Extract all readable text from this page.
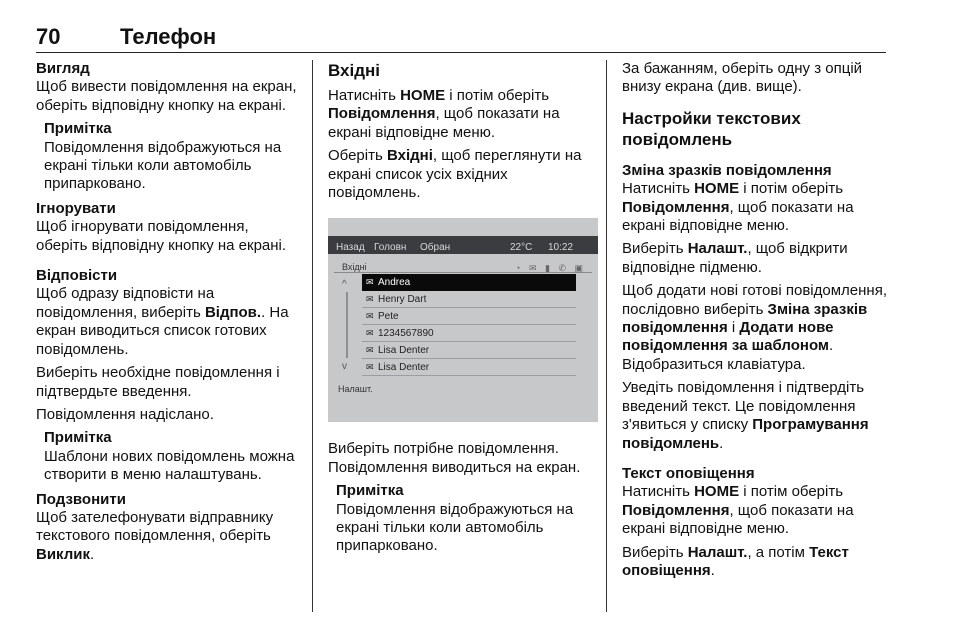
70	Телефон
Вигляд

Щоб вивести повідомлення на екран, оберіть відповідну кнопку на екрані.

Примітка
Повідомлення відображуються на екрані тільки коли автомобіль припарковано.
Ігнорувати

Щоб ігнорувати повідомлення, оберіть відповідну кнопку на екрані.

Відповісти

Щоб одразу відповісти на повідомлення, виберіть Відпов.. На екран виводиться список готових повідомлень.

Виберіть необхідне повідомлення і підтвердьте введення.

Повідомлення надіслано.

Примітка
Шаблони нових повідомлень можна створити в меню налаштувань.
Подзвонити

Щоб зателефонувати відправнику текстового повідомлення, оберіть Виклик.

Вхідні

Натисніть HOME і потім оберіть Повідомлення, щоб показати на екрані відповідне меню.

Оберіть Вхідні, щоб переглянути на екрані список усіх вхідних повідомлень.

Назад Головн Обран	22°C 10:22
Вхідні	◔ ✉ ▮ ✆ ▣
^
v
✉ Andrea
✉ Henry Dart
✉ Pete
✉ 1234567890
✉ Lisa Denter
✉ Lisa Denter
Налашт.

Виберіть потрібне повідомлення. Повідомлення виводиться на екран.

Примітка
Повідомлення відображуються на екрані тільки коли автомобіль припарковано.

За бажанням, оберіть одну з опцій внизу екрана (див. вище).

Настройки текстових повідомлень
Зміна зразків повідомлення

Натисніть HOME і потім оберіть Повідомлення, щоб показати на екрані відповідне меню.

Виберіть Налашт., щоб відкрити відповідне підменю.

Щоб додати нові готові повідомлення, послідовно виберіть Зміна зразків повідомлення і Додати нове повідомлення за шаблоном. Відобразиться клавіатура.

Уведіть повідомлення і підтвердіть введений текст. Це повідомлення з'явиться у списку Програмування повідомлень.

Текст оповіщення

Натисніть HOME і потім оберіть Повідомлення, щоб показати на екрані відповідне меню.

Виберіть Налашт., а потім Текст оповіщення.
